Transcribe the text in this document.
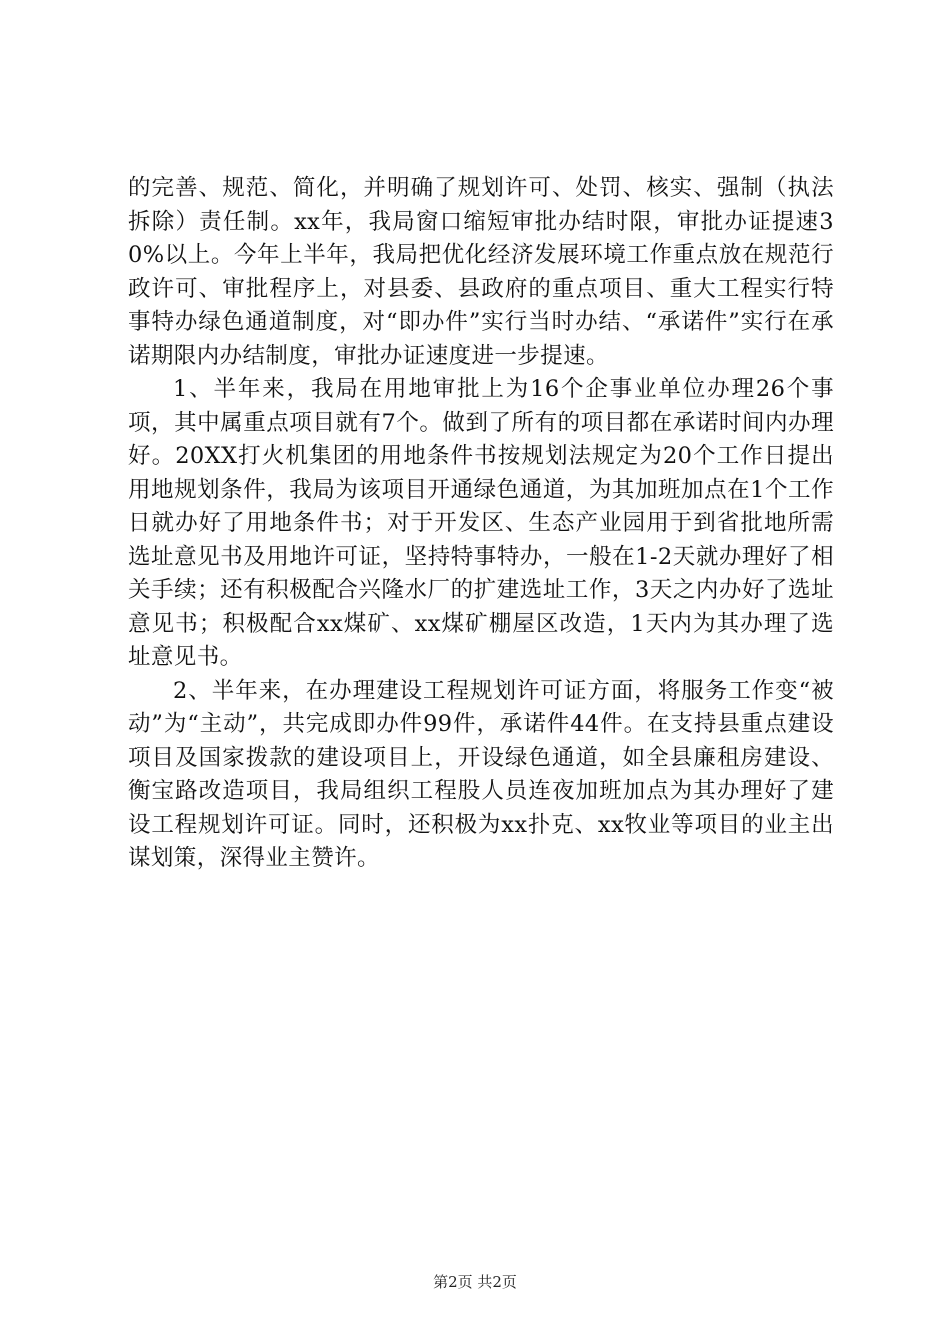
的完善、规范、简化，并明确了规划许可、处罚、核实、强制（执法拆除）责任制。xx年，我局窗口缩短审批办结时限，审批办证提速30%以上。今年上半年，我局把优化经济发展环境工作重点放在规范行政许可、审批程序上，对县委、县政府的重点项目、重大工程实行特事特办绿色通道制度，对“即办件”实行当时办结、“承诺件”实行在承诺期限内办结制度，审批办证速度进一步提速。

1、半年来，我局在用地审批上为16个企事业单位办理26个事项，其中属重点项目就有7个。做到了所有的项目都在承诺时间内办理好。20XX打火机集团的用地条件书按规划法规定为20个工作日提出用地规划条件，我局为该项目开通绿色通道，为其加班加点在1个工作日就办好了用地条件书；对于开发区、生态产业园用于到省批地所需选址意见书及用地许可证，坚持特事特办，一般在1-2天就办理好了相关手续；还有积极配合兴隆水厂的扩建选址工作，3天之内办好了选址意见书；积极配合xx煤矿、xx煤矿棚屋区改造，1天内为其办理了选址意见书。

2、半年来，在办理建设工程规划许可证方面，将服务工作变“被动”为“主动”，共完成即办件99件，承诺件44件。在支持县重点建设项目及国家拨款的建设项目上，开设绿色通道，如全县廉租房建设、衡宝路改造项目，我局组织工程股人员连夜加班加点为其办理好了建设工程规划许可证。同时，还积极为xx扑克、xx牧业等项目的业主出谋划策，深得业主赞许。

第2页 共2页
